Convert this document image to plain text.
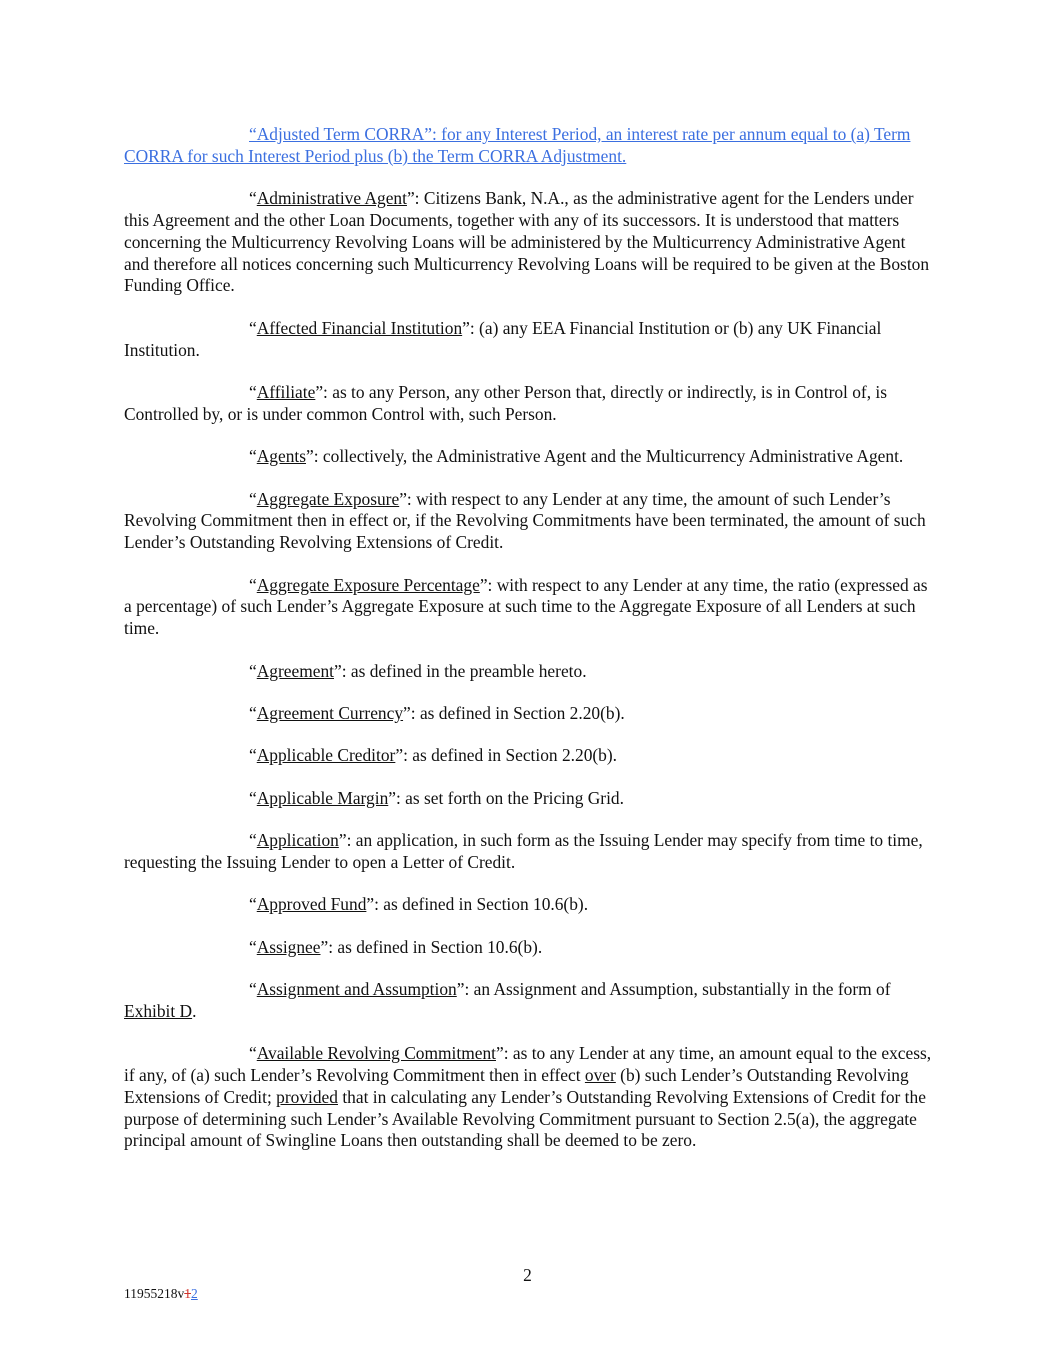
“Adjusted Term CORRA”: for any Interest Period, an interest rate per annum equal to (a) Term CORRA for such Interest Period plus (b) the Term CORRA Adjustment.

“Administrative Agent”: Citizens Bank, N.A., as the administrative agent for the Lenders under this Agreement and the other Loan Documents, together with any of its successors. It is understood that matters concerning the Multicurrency Revolving Loans will be administered by the Multicurrency Administrative Agent and therefore all notices concerning such Multicurrency Revolving Loans will be required to be given at the Boston Funding Office.

“Affected Financial Institution”: (a) any EEA Financial Institution or (b) any UK Financial Institution.

“Affiliate”: as to any Person, any other Person that, directly or indirectly, is in Control of, is Controlled by, or is under common Control with, such Person.

“Agents”: collectively, the Administrative Agent and the Multicurrency Administrative Agent.

“Aggregate Exposure”: with respect to any Lender at any time, the amount of such Lender’s Revolving Commitment then in effect or, if the Revolving Commitments have been terminated, the amount of such Lender’s Outstanding Revolving Extensions of Credit.

“Aggregate Exposure Percentage”: with respect to any Lender at any time, the ratio (expressed as a percentage) of such Lender’s Aggregate Exposure at such time to the Aggregate Exposure of all Lenders at such time.

“Agreement”: as defined in the preamble hereto.

“Agreement Currency”: as defined in Section 2.20(b).

“Applicable Creditor”: as defined in Section 2.20(b).

“Applicable Margin”: as set forth on the Pricing Grid.

“Application”: an application, in such form as the Issuing Lender may specify from time to time, requesting the Issuing Lender to open a Letter of Credit.

“Approved Fund”: as defined in Section 10.6(b).

“Assignee”: as defined in Section 10.6(b).

“Assignment and Assumption”: an Assignment and Assumption, substantially in the form of Exhibit D.

“Available Revolving Commitment”: as to any Lender at any time, an amount equal to the excess, if any, of (a) such Lender’s Revolving Commitment then in effect over (b) such Lender’s Outstanding Revolving Extensions of Credit; provided that in calculating any Lender’s Outstanding Revolving Extensions of Credit for the purpose of determining such Lender’s Available Revolving Commitment pursuant to Section 2.5(a), the aggregate principal amount of Swingline Loans then outstanding shall be deemed to be zero.

2
11955218v12
